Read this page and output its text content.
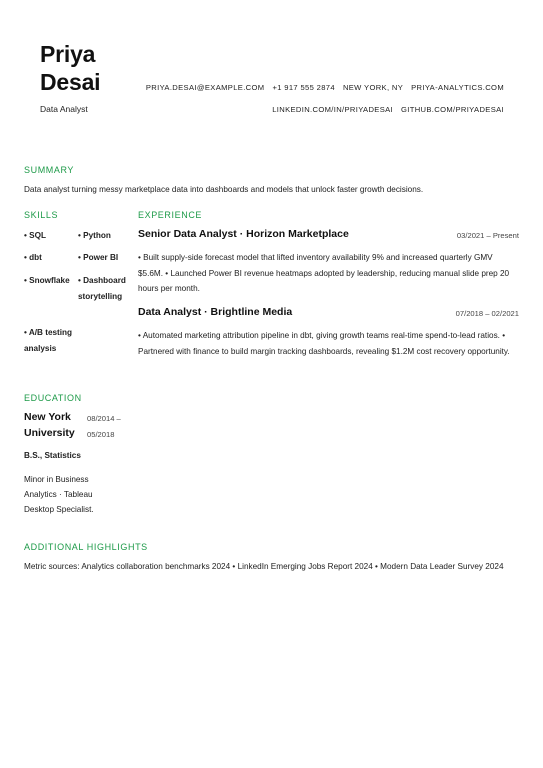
Priya
Desai
Data Analyst
PRIYA.DESAI@EXAMPLE.COM +1 917 555 2874 NEW YORK, NY PRIYA-ANALYTICS.COM
LINKEDIN.COM/IN/PRIYADESAI GITHUB.COM/PRIYADESAI
SUMMARY
Data analyst turning messy marketplace data into dashboards and models that unlock faster growth decisions.
SKILLS
• SQL	• Python
• dbt	• Power BI
• Snowflake	• Dashboard storytelling
• A/B testing analysis
EXPERIENCE
Senior Data Analyst · Horizon Marketplace	03/2021 – Present
• Built supply-side forecast model that lifted inventory availability 9% and increased quarterly GMV $5.6M. • Launched Power BI revenue heatmaps adopted by leadership, reducing manual slide prep 20 hours per month.
Data Analyst · Brightline Media	07/2018 – 02/2021
• Automated marketing attribution pipeline in dbt, giving growth teams real-time spend-to-lead ratios. • Partnered with finance to build margin tracking dashboards, revealing $1.2M cost recovery opportunity.
EDUCATION
New York University
08/2014 – 05/2018
B.S., Statistics
Minor in Business Analytics · Tableau Desktop Specialist.
ADDITIONAL HIGHLIGHTS
Metric sources: Analytics collaboration benchmarks 2024 • LinkedIn Emerging Jobs Report 2024 • Modern Data Leader Survey 2024
